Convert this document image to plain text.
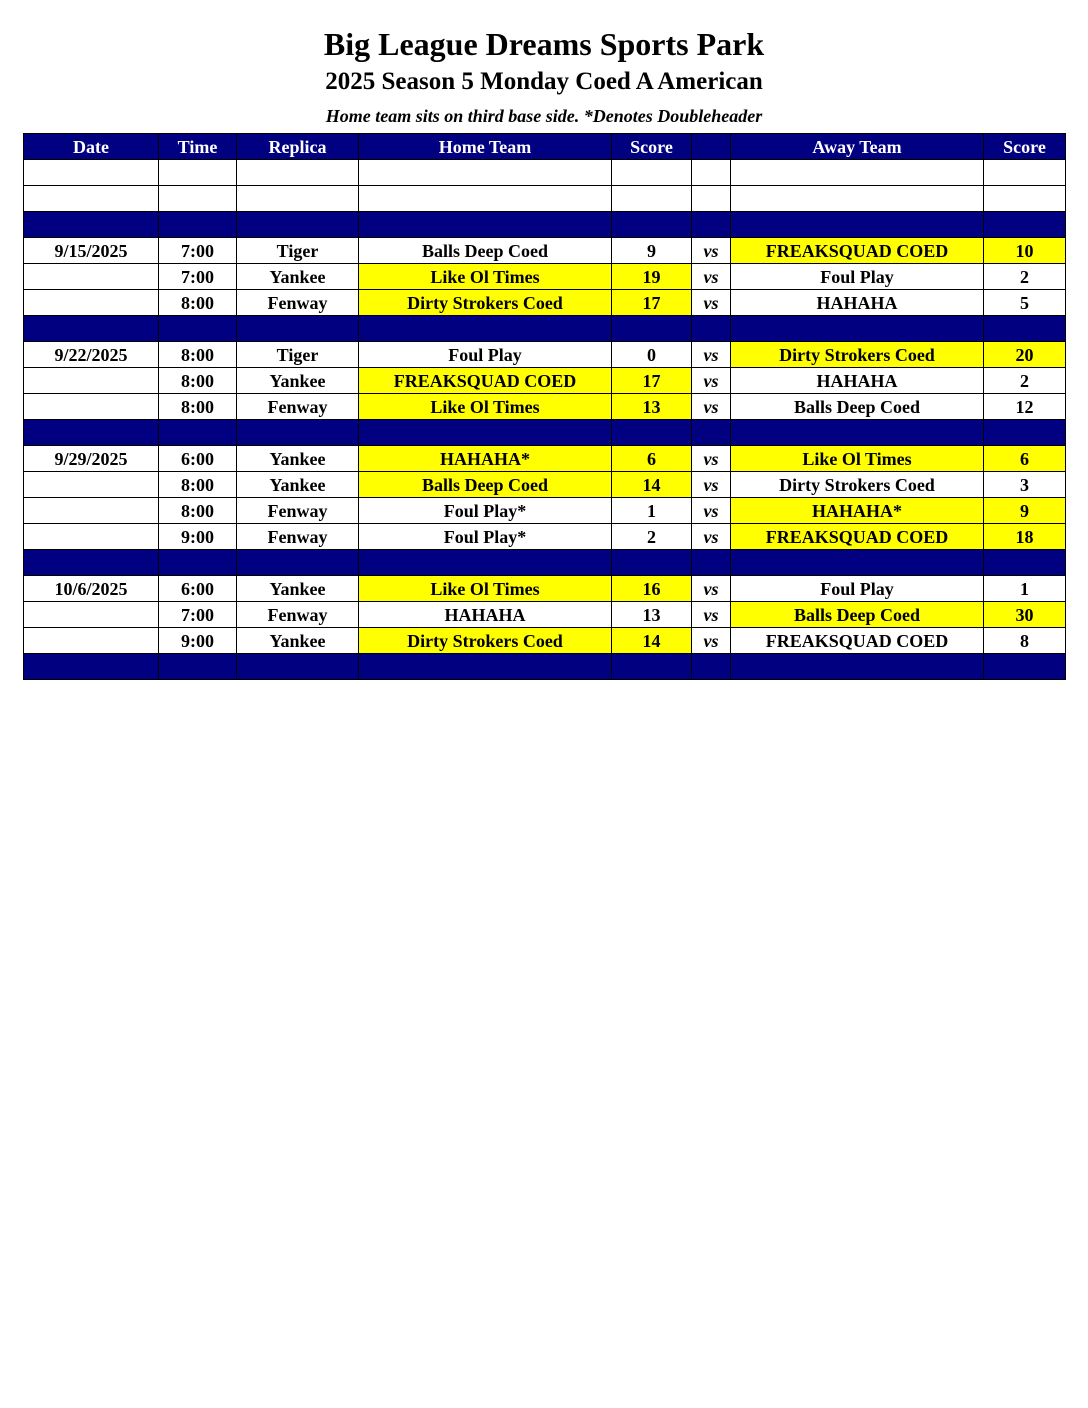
Big League Dreams Sports Park
2025 Season 5 Monday Coed A American
Home team sits on third base side. *Denotes Doubleheader
Date	Time	Replica	Home Team	Score		Away Team	Score

9/15/2025	7:00	Tiger	Balls Deep Coed	9	vs	FREAKSQUAD COED	10
	7:00	Yankee	Like Ol Times	19	vs	Foul Play	2
	8:00	Fenway	Dirty Strokers Coed	17	vs	HAHAHA	5

9/22/2025	8:00	Tiger	Foul Play	0	vs	Dirty Strokers Coed	20
	8:00	Yankee	FREAKSQUAD COED	17	vs	HAHAHA	2
	8:00	Fenway	Like Ol Times	13	vs	Balls Deep Coed	12

9/29/2025	6:00	Yankee	HAHAHA*	6	vs	Like Ol Times	6
	8:00	Yankee	Balls Deep Coed	14	vs	Dirty Strokers Coed	3
	8:00	Fenway	Foul Play*	1	vs	HAHAHA*	9
	9:00	Fenway	Foul Play*	2	vs	FREAKSQUAD COED	18

10/6/2025	6:00	Yankee	Like Ol Times	16	vs	Foul Play	1
	7:00	Fenway	HAHAHA	13	vs	Balls Deep Coed	30
	9:00	Yankee	Dirty Strokers Coed	14	vs	FREAKSQUAD COED	8
